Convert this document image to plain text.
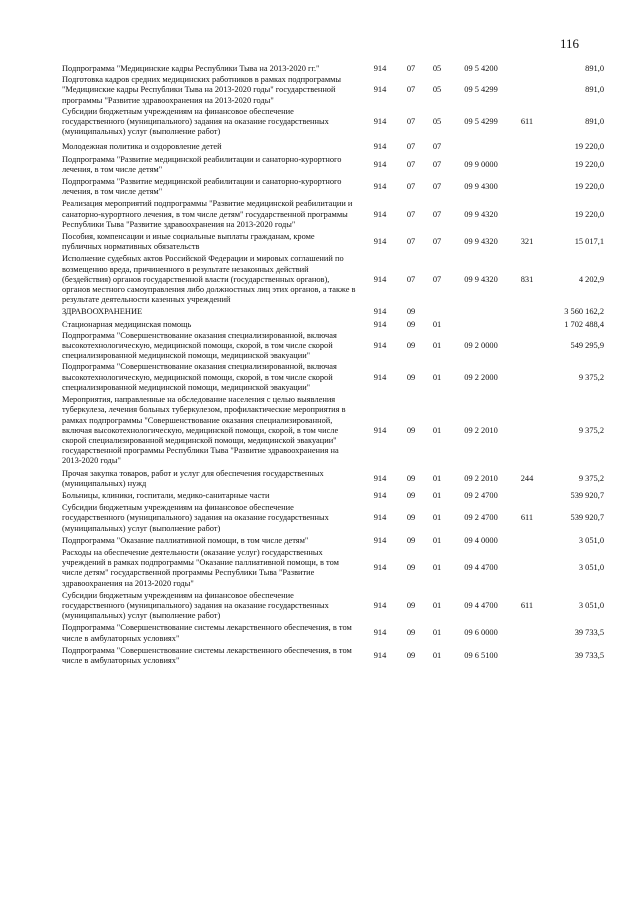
116
Подпрограмма "Медицинские кадры Республики Тыва на 2013-2020 гг."	914	07	05	09 5 4200		891,0
Подготовка кадров средних медицинских работников в рамках подпрограммы "Медицинские кадры Республики Тыва на 2013-2020 годы" государственной программы "Развитие здравоохранения на 2013-2020 годы"	914	07	05	09 5 4299		891,0
Субсидии бюджетным учреждениям на финансовое обеспечение государственного (муниципального) задания на оказание государственных (муниципальных) услуг (выполнение работ)	914	07	05	09 5 4299	611	891,0
Молодежная политика и оздоровление детей	914	07	07			19 220,0
Подпрограмма "Развитие медицинской реабилитации и санаторно-курортного лечения, в том числе детям"	914	07	07	09 9 0000		19 220,0
Подпрограмма "Развитие медицинской реабилитации и санаторно-курортного лечения, в том числе детям"	914	07	07	09 9 4300		19 220,0
Реализация мероприятий подпрограммы "Развитие медицинской реабилитации и санаторно-курортного лечения, в том числе детям" государственной программы Республики Тыва "Развитие здравоохранения на 2013-2020 годы"	914	07	07	09 9 4320		19 220,0
Пособия, компенсации и иные социальные выплаты гражданам, кроме публичных нормативных обязательств	914	07	07	09 9 4320	321	15 017,1
Исполнение судебных актов Российской Федерации и мировых соглашений по возмещению вреда, причиненного в результате незаконных действий (бездействия) органов государственной власти (государственных органов), органов местного самоуправления либо должностных лиц этих органов, а также в результате деятельности казенных учреждений	914	07	07	09 9 4320	831	4 202,9
ЗДРАВООХРАНЕНИЕ	914	09				3 560 162,2
Стационарная медицинская помощь	914	09	01			1 702 488,4
Подпрограмма "Совершенствование оказания специализированной, включая высокотехнологическую, медицинской помощи, скорой, в том числе скорой специализированной медицинской помощи, медицинской эвакуации"	914	09	01	09 2 0000		549 295,9
Подпрограмма "Совершенствование оказания специализированной, включая высокотехнологическую, медицинской помощи, скорой, в том числе скорой специализированной медицинской помощи, медицинской эвакуации"	914	09	01	09 2 2000		9 375,2
Мероприятия, направленные на обследование населения с целью выявления туберкулеза, лечения больных туберкулезом, профилактические мероприятия в рамках подпрограммы "Совершенствование оказания специализированной, включая высокотехнологическую, медицинской помощи, скорой, в том числе скорой специализированной медицинской помощи, медицинской эвакуации" государственной программы Республики Тыва "Развитие здравоохранения на 2013-2020 годы"	914	09	01	09 2 2010		9 375,2
Прочая закупка товаров, работ и услуг для обеспечения государственных (муниципальных) нужд	914	09	01	09 2 2010	244	9 375,2
Больницы, клиники, госпитали, медико-санитарные части	914	09	01	09 2 4700		539 920,7
Субсидии бюджетным учреждениям на финансовое обеспечение государственного (муниципального) задания на оказание государственных (муниципальных) услуг (выполнение работ)	914	09	01	09 2 4700	611	539 920,7
Подпрограмма "Оказание паллиативной помощи, в том числе детям"	914	09	01	09 4 0000		3 051,0
Расходы на обеспечение деятельности (оказание услуг) государственных учреждений в рамках подпрограммы "Оказание паллиативной помощи, в том числе детям" государственной программы Республики Тыва "Развитие здравоохранения на 2013-2020 годы"	914	09	01	09 4 4700		3 051,0
Субсидии бюджетным учреждениям на финансовое обеспечение государственного (муниципального) задания на оказание государственных (муниципальных) услуг (выполнение работ)	914	09	01	09 4 4700	611	3 051,0
Подпрограмма "Совершенствование системы лекарственного обеспечения, в том числе в амбулаторных условиях"	914	09	01	09 6 0000		39 733,5
Подпрограмма "Совершенствование системы лекарственного обеспечения, в том числе в амбулаторных условиях"	914	09	01	09 6 5100		39 733,5
